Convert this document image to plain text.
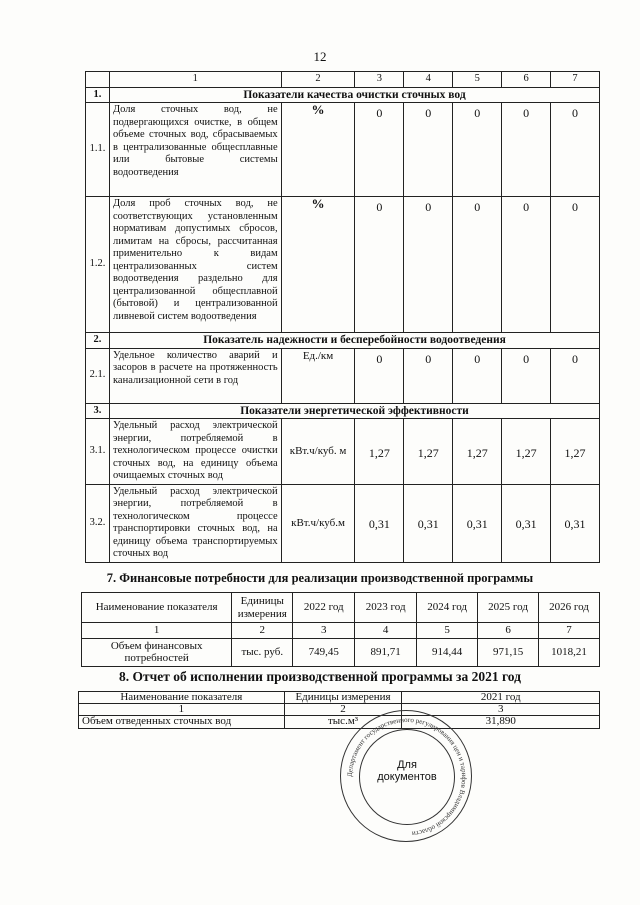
12
	1	2	3	4	5	6	7
1.	Показатели качества очистки сточных вод						
1.1.	Доля сточных вод, не подвергающихся очистке, в общем объеме сточных вод, сбрасываемых в централизованные общесплавные или бытовые системы водоотведения	%	0	0	0	0	0
1.2.	Доля проб сточных вод, не соответствующих установленным нормативам допустимых сбросов, лимитам на сбросы, рассчитанная применительно к видам централизованных систем водоотведения раздельно для централизованной общесплавной (бытовой) и централизованной ливневой систем водоотведения	%	0	0	0	0	0
2.	Показатель надежности и бесперебойности водоотведения						
2.1.	Удельное количество аварий и засоров в расчете на протяженность канализационной сети в год	Ед./км	0	0	0	0	0
3.	Показатели энергетической эффективности						
3.1.	Удельный расход электрической энергии, потребляемой в технологическом процессе очистки сточных вод, на единицу объема очищаемых сточных вод	кВт.ч/куб. м	1,27	1,27	1,27	1,27	1,27
3.2.	Удельный расход электрической энергии, потребляемой в технологическом процессе транспортировки сточных вод, на единицу объема транспортируемых сточных вод	кВт.ч/куб.м	0,31	0,31	0,31	0,31	0,31
7. Финансовые потребности для реализации производственной программы
Наименование показателя	Единицы измерения	2022 год	2023 год	2024 год	2025 год	2026 год
1	2	3	4	5	6	7
Объем финансовых потребностей	тыс. руб.	749,45	891,71	914,44	971,15	1018,21
8. Отчет об исполнении производственной программы за 2021 год
Наименование показателя	Единицы измерения	2021 год
1	2	3
Объем отведенных сточных вод	тыс.м³	31,890
Департамент государственного регулирования цен и тарифов Владимирской области
Для
документов
